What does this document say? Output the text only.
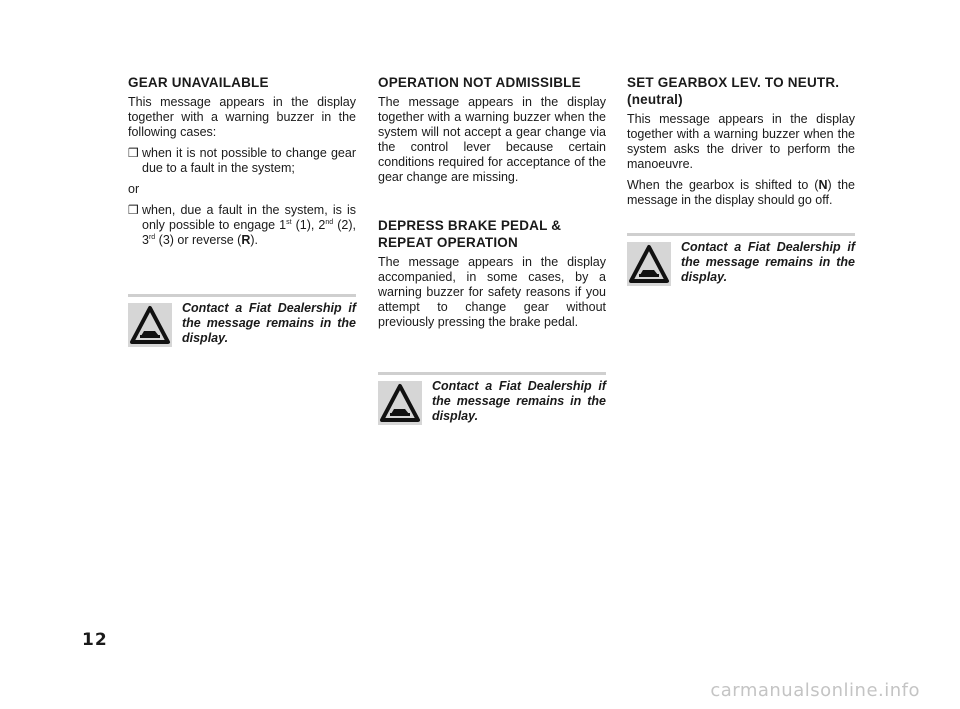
GEAR UNAVAILABLE
This message appears in the display together with a warning buzzer in the following cases:
❒ when it is not possible to change gear due to a fault in the system;
or
❒ when, due a fault in the system, is is only possible to engage 1st (1), 2nd (2), 3rd (3) or reverse (R).
OPERATION NOT ADMISSIBLE
The message appears in the display together with a warning buzzer when the system will not accept a gear change via the control lever because certain conditions required for acceptance of the gear change are missing.
DEPRESS BRAKE PEDAL &
REPEAT OPERATION
The message appears in the display accompanied, in some cases, by a warning buzzer for safety reasons if you attempt to change gear without previously pressing the brake pedal.
SET GEARBOX LEV. TO NEUTR.
(neutral)
This message appears in the display together with a warning buzzer when the system asks the driver to perform the manoeuvre.
When the gearbox is shifted to (N) the message in the display should go off.
Contact a Fiat Dealership if the message remains in the display.
Contact a Fiat Dealership if the message remains in the display.
Contact a Fiat Dealership if the message remains in the display.
12
carmanualsonline.info
